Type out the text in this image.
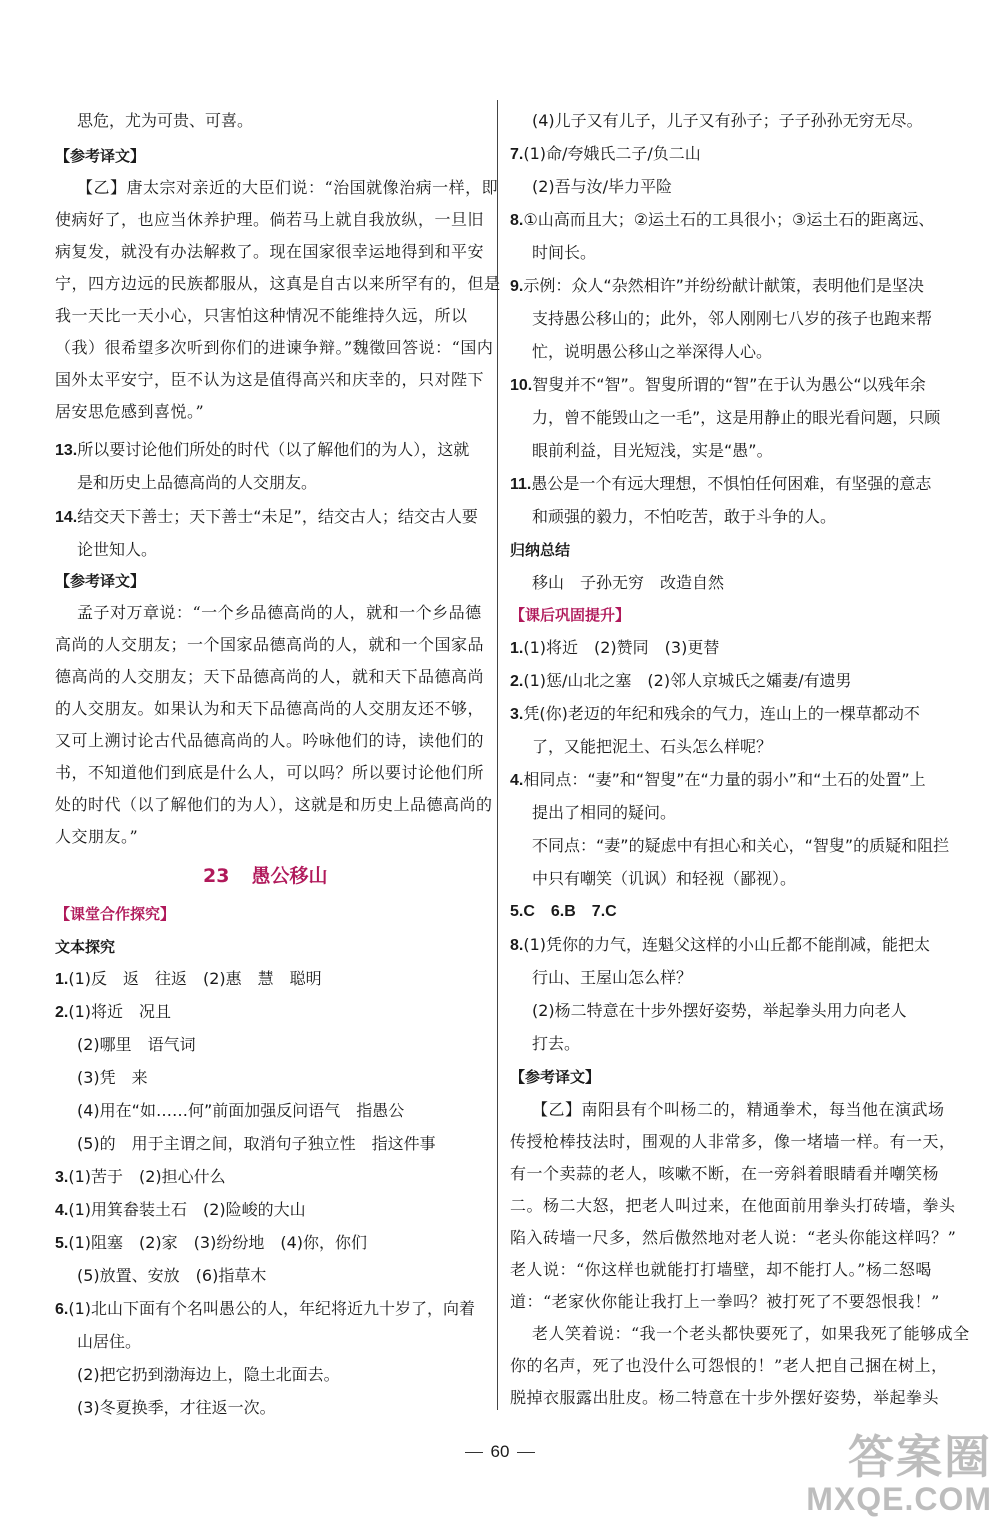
思危，尤为可贵、可喜。
【参考译文】
【乙】唐太宗对亲近的大臣们说：“治国就像治病一样，即
使病好了，也应当休养护理。倘若马上就自我放纵，一旦旧
病复发，就没有办法解救了。现在国家很幸运地得到和平安
宁，四方边远的民族都服从，这真是自古以来所罕有的，但是
我一天比一天小心，只害怕这种情况不能维持久远，所以
（我）很希望多次听到你们的进谏争辩。”魏徵回答说：“国内
国外太平安宁，臣不认为这是值得高兴和庆幸的，只对陛下
居安思危感到喜悦。”
13.所以要讨论他们所处的时代（以了解他们的为人），这就
是和历史上品德高尚的人交朋友。
14.结交天下善士；天下善士“未足”，结交古人；结交古人要
论世知人。
【参考译文】
孟子对万章说：“一个乡品德高尚的人，就和一个乡品德
高尚的人交朋友；一个国家品德高尚的人，就和一个国家品
德高尚的人交朋友；天下品德高尚的人，就和天下品德高尚
的人交朋友。如果认为和天下品德高尚的人交朋友还不够，
又可上溯讨论古代品德高尚的人。吟咏他们的诗，读他们的
书，不知道他们到底是什么人，可以吗？所以要讨论他们所
处的时代（以了解他们的为人），这就是和历史上品德高尚的
人交朋友。”
23 愚公移山
【课堂合作探究】
文本探究
1.(1)反　返　往返　(2)惠　慧　聪明
2.(1)将近　况且
(2)哪里　语气词
(3)凭　来
(4)用在“如……何”前面加强反问语气　指愚公
(5)的　用于主谓之间，取消句子独立性　指这件事
3.(1)苦于　(2)担心什么
4.(1)用箕畚装土石　(2)险峻的大山
5.(1)阻塞　(2)家　(3)纷纷地　(4)你，你们
(5)放置、安放　(6)指草木
6.(1)北山下面有个名叫愚公的人，年纪将近九十岁了，向着
山居住。
(2)把它扔到渤海边上，隐土北面去。
(3)冬夏换季，才往返一次。
(4)儿子又有儿子，儿子又有孙子；子子孙孙无穷无尽。
7.(1)命/夸娥氏二子/负二山
(2)吾与汝/毕力平险
8.①山高而且大；②运土石的工具很小；③运土石的距离远、
时间长。
9.示例：众人“杂然相许”并纷纷献计献策，表明他们是坚决
支持愚公移山的；此外，邻人刚刚七八岁的孩子也跑来帮
忙，说明愚公移山之举深得人心。
10.智叟并不“智”。智叟所谓的“智”在于认为愚公“以残年余
力，曾不能毁山之一毛”，这是用静止的眼光看问题，只顾
眼前利益，目光短浅，实是“愚”。
11.愚公是一个有远大理想，不惧怕任何困难，有坚强的意志
和顽强的毅力，不怕吃苦，敢于斗争的人。
归纳总结
移山　子孙无穷　改造自然
【课后巩固提升】
1.(1)将近　(2)赞同　(3)更替
2.(1)惩/山北之塞　(2)邻人京城氏之孀妻/有遗男
3.凭(你)老迈的年纪和残余的气力，连山上的一棵草都动不
了，又能把泥土、石头怎么样呢？
4.相同点：“妻”和“智叟”在“力量的弱小”和“土石的处置”上
提出了相同的疑问。
不同点：“妻”的疑虑中有担心和关心，“智叟”的质疑和阻拦
中只有嘲笑（讥讽）和轻视（鄙视）。
5.C　6.B　7.C
8.(1)凭你的力气，连魁父这样的小山丘都不能削减，能把太
行山、王屋山怎么样？
(2)杨二特意在十步外摆好姿势，举起拳头用力向老人
打去。
【参考译文】
【乙】南阳县有个叫杨二的，精通拳术，每当他在演武场
传授枪棒技法时，围观的人非常多，像一堵墙一样。有一天，
有一个卖蒜的老人，咳嗽不断，在一旁斜着眼睛看并嘲笑杨
二。杨二大怒，把老人叫过来，在他面前用拳头打砖墙，拳头
陷入砖墙一尺多，然后傲然地对老人说：“老头你能这样吗？”
老人说：“你这样也就能打打墙壁，却不能打人。”杨二怒喝
道：“老家伙你能让我打上一拳吗？被打死了不要怨恨我！”
老人笑着说：“我一个老头都快要死了，如果我死了能够成全
你的名声，死了也没什么可怨恨的！”老人把自己捆在树上，
脱掉衣服露出肚皮。杨二特意在十步外摆好姿势，举起拳头
60	答案圈
MXQE.COM
